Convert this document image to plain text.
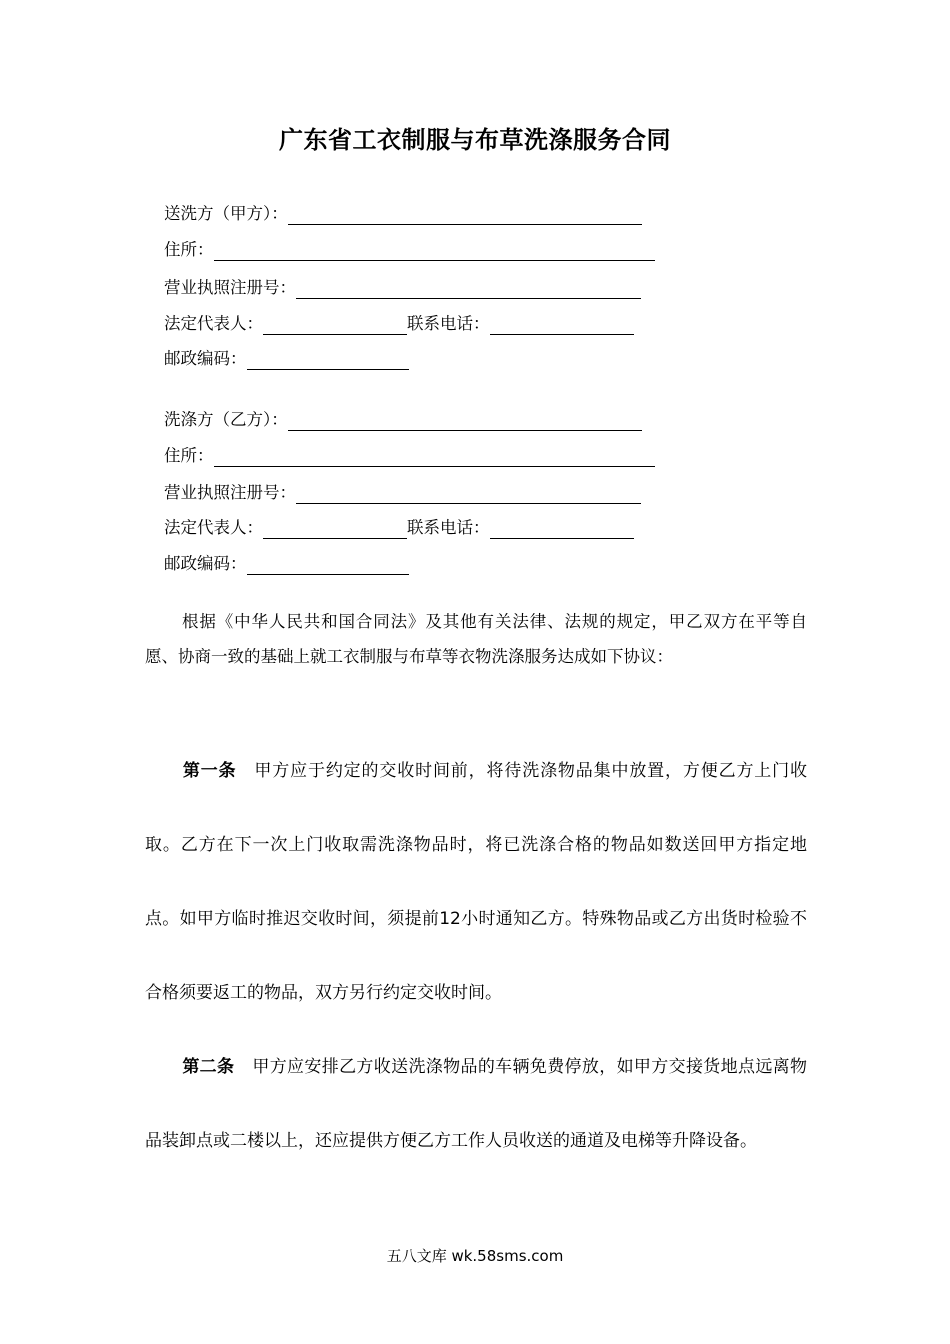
广东省工衣制服与布草洗涤服务合同
送洗方（甲方）：
住所：
营业执照注册号：
法定代表人：	联系电话：
邮政编码：
洗涤方（乙方）：
住所：
营业执照注册号：
法定代表人：	联系电话：
邮政编码：
根据《中华人民共和国合同法》及其他有关法律、法规的规定，甲乙双方在平等自愿、协商一致的基础上就工衣制服与布草等衣物洗涤服务达成如下协议：
第一条 甲方应于约定的交收时间前，将待洗涤物品集中放置，方便乙方上门收取。乙方在下一次上门收取需洗涤物品时，将已洗涤合格的物品如数送回甲方指定地点。如甲方临时推迟交收时间，须提前12小时通知乙方。特殊物品或乙方出货时检验不合格须要返工的物品，双方另行约定交收时间。
第二条 甲方应安排乙方收送洗涤物品的车辆免费停放，如甲方交接货地点远离物品装卸点或二楼以上，还应提供方便乙方工作人员收送的通道及电梯等升降设备。
五八文库 wk.58sms.com
